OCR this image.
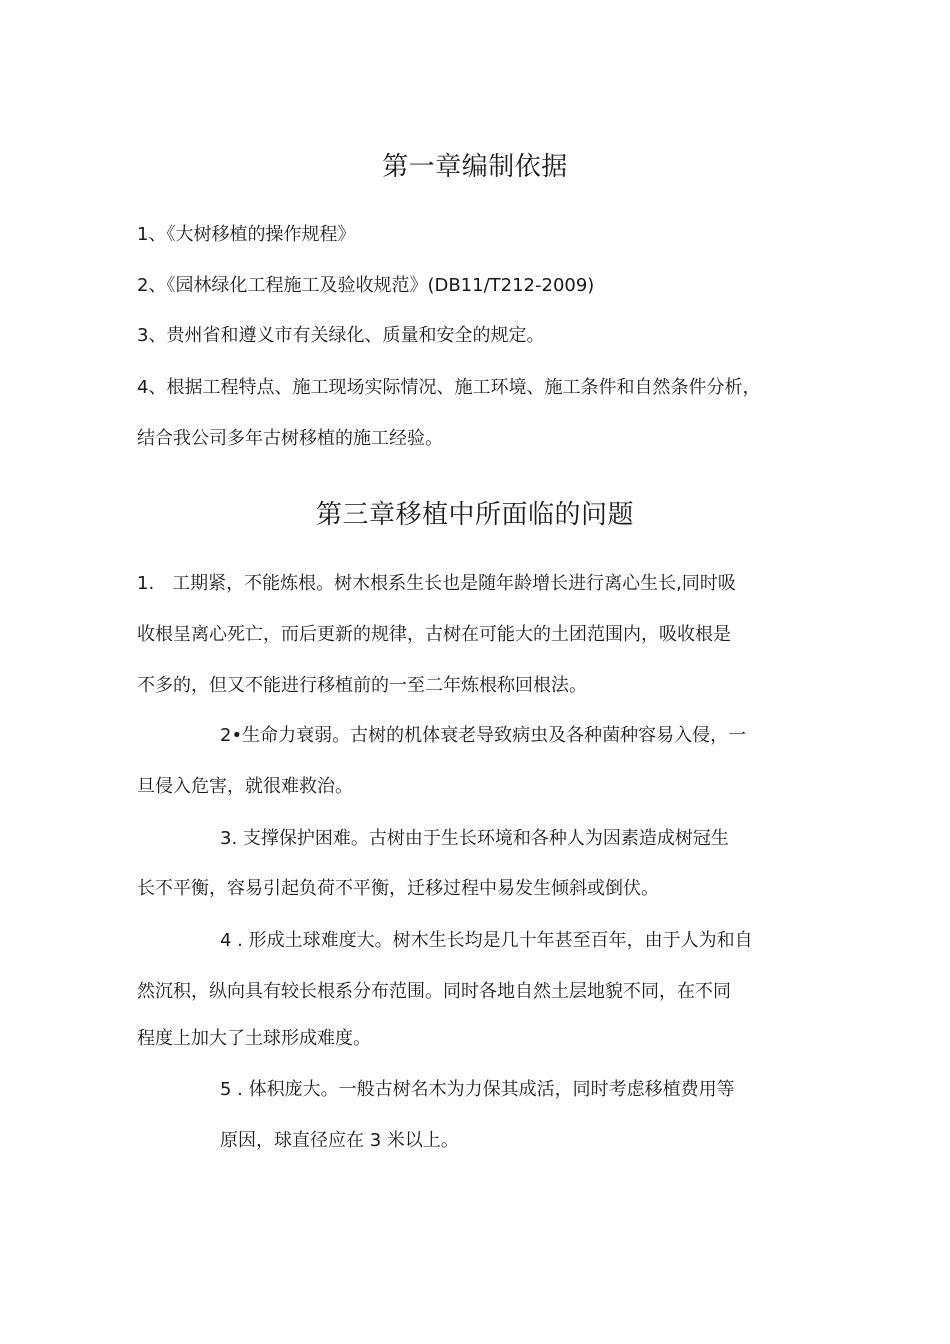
第一章编制依据

1、《大树移植的操作规程》

2、《园林绿化工程施工及验收规范》(DB11/T212-2009)

3、贵州省和遵义市有关绿化、质量和安全的规定。

4、根据工程特点、施工现场实际情况、施工环境、施工条件和自然条件分析，

结合我公司多年古树移植的施工经验。

第三章移植中所面临的问题

1.　工期紧，不能炼根。树木根系生长也是随年龄增长进行离心生长,同时吸

收根呈离心死亡，而后更新的规律，古树在可能大的土团范围内，吸收根是

不多的，但又不能进行移植前的一至二年炼根称回根法。

2•生命力衰弱。古树的机体衰老导致病虫及各种菌种容易入侵，一

旦侵入危害，就很难救治。

3. 支撑保护困难。古树由于生长环境和各种人为因素造成树冠生

长不平衡，容易引起负荷不平衡，迁移过程中易发生倾斜或倒伏。

4 . 形成土球难度大。树木生长均是几十年甚至百年，由于人为和自

然沉积，纵向具有较长根系分布范围。同时各地自然土层地貌不同，在不同

程度上加大了土球形成难度。

5 . 体积庞大。一般古树名木为力保其成活，同时考虑移植费用等

原因，球直径应在 3 米以上。
